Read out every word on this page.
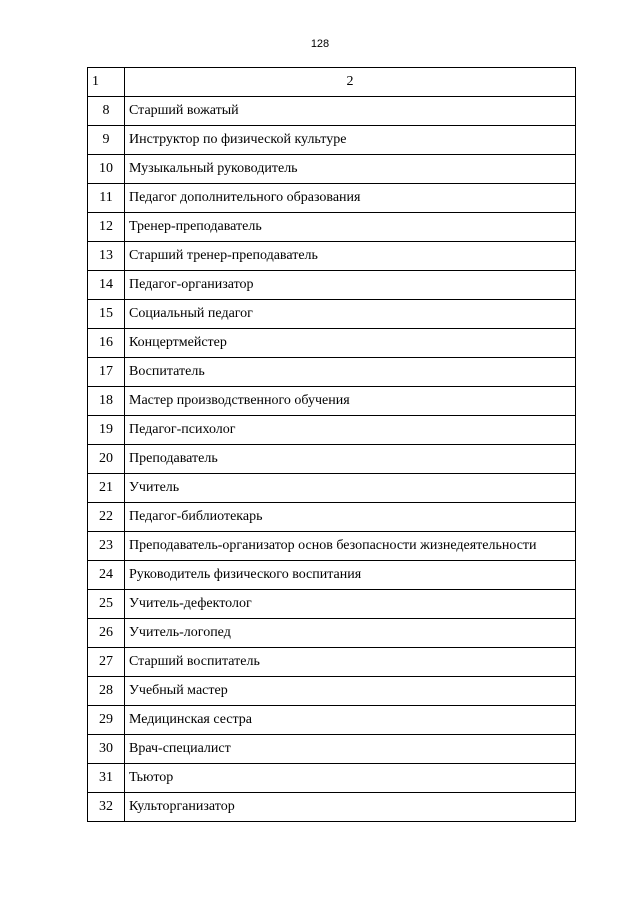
128
1	2
8	Старший вожатый
9	Инструктор по физической культуре
10	Музыкальный руководитель
11	Педагог дополнительного образования
12	Тренер-преподаватель
13	Старший тренер-преподаватель
14	Педагог-организатор
15	Социальный педагог
16	Концертмейстер
17	Воспитатель
18	Мастер производственного обучения
19	Педагог-психолог
20	Преподаватель
21	Учитель
22	Педагог-библиотекарь
23	Преподаватель-организатор основ безопасности жизнедеятельности
24	Руководитель физического воспитания
25	Учитель-дефектолог
26	Учитель-логопед
27	Старший воспитатель
28	Учебный мастер
29	Медицинская сестра
30	Врач-специалист
31	Тьютор
32	Культорганизатор
